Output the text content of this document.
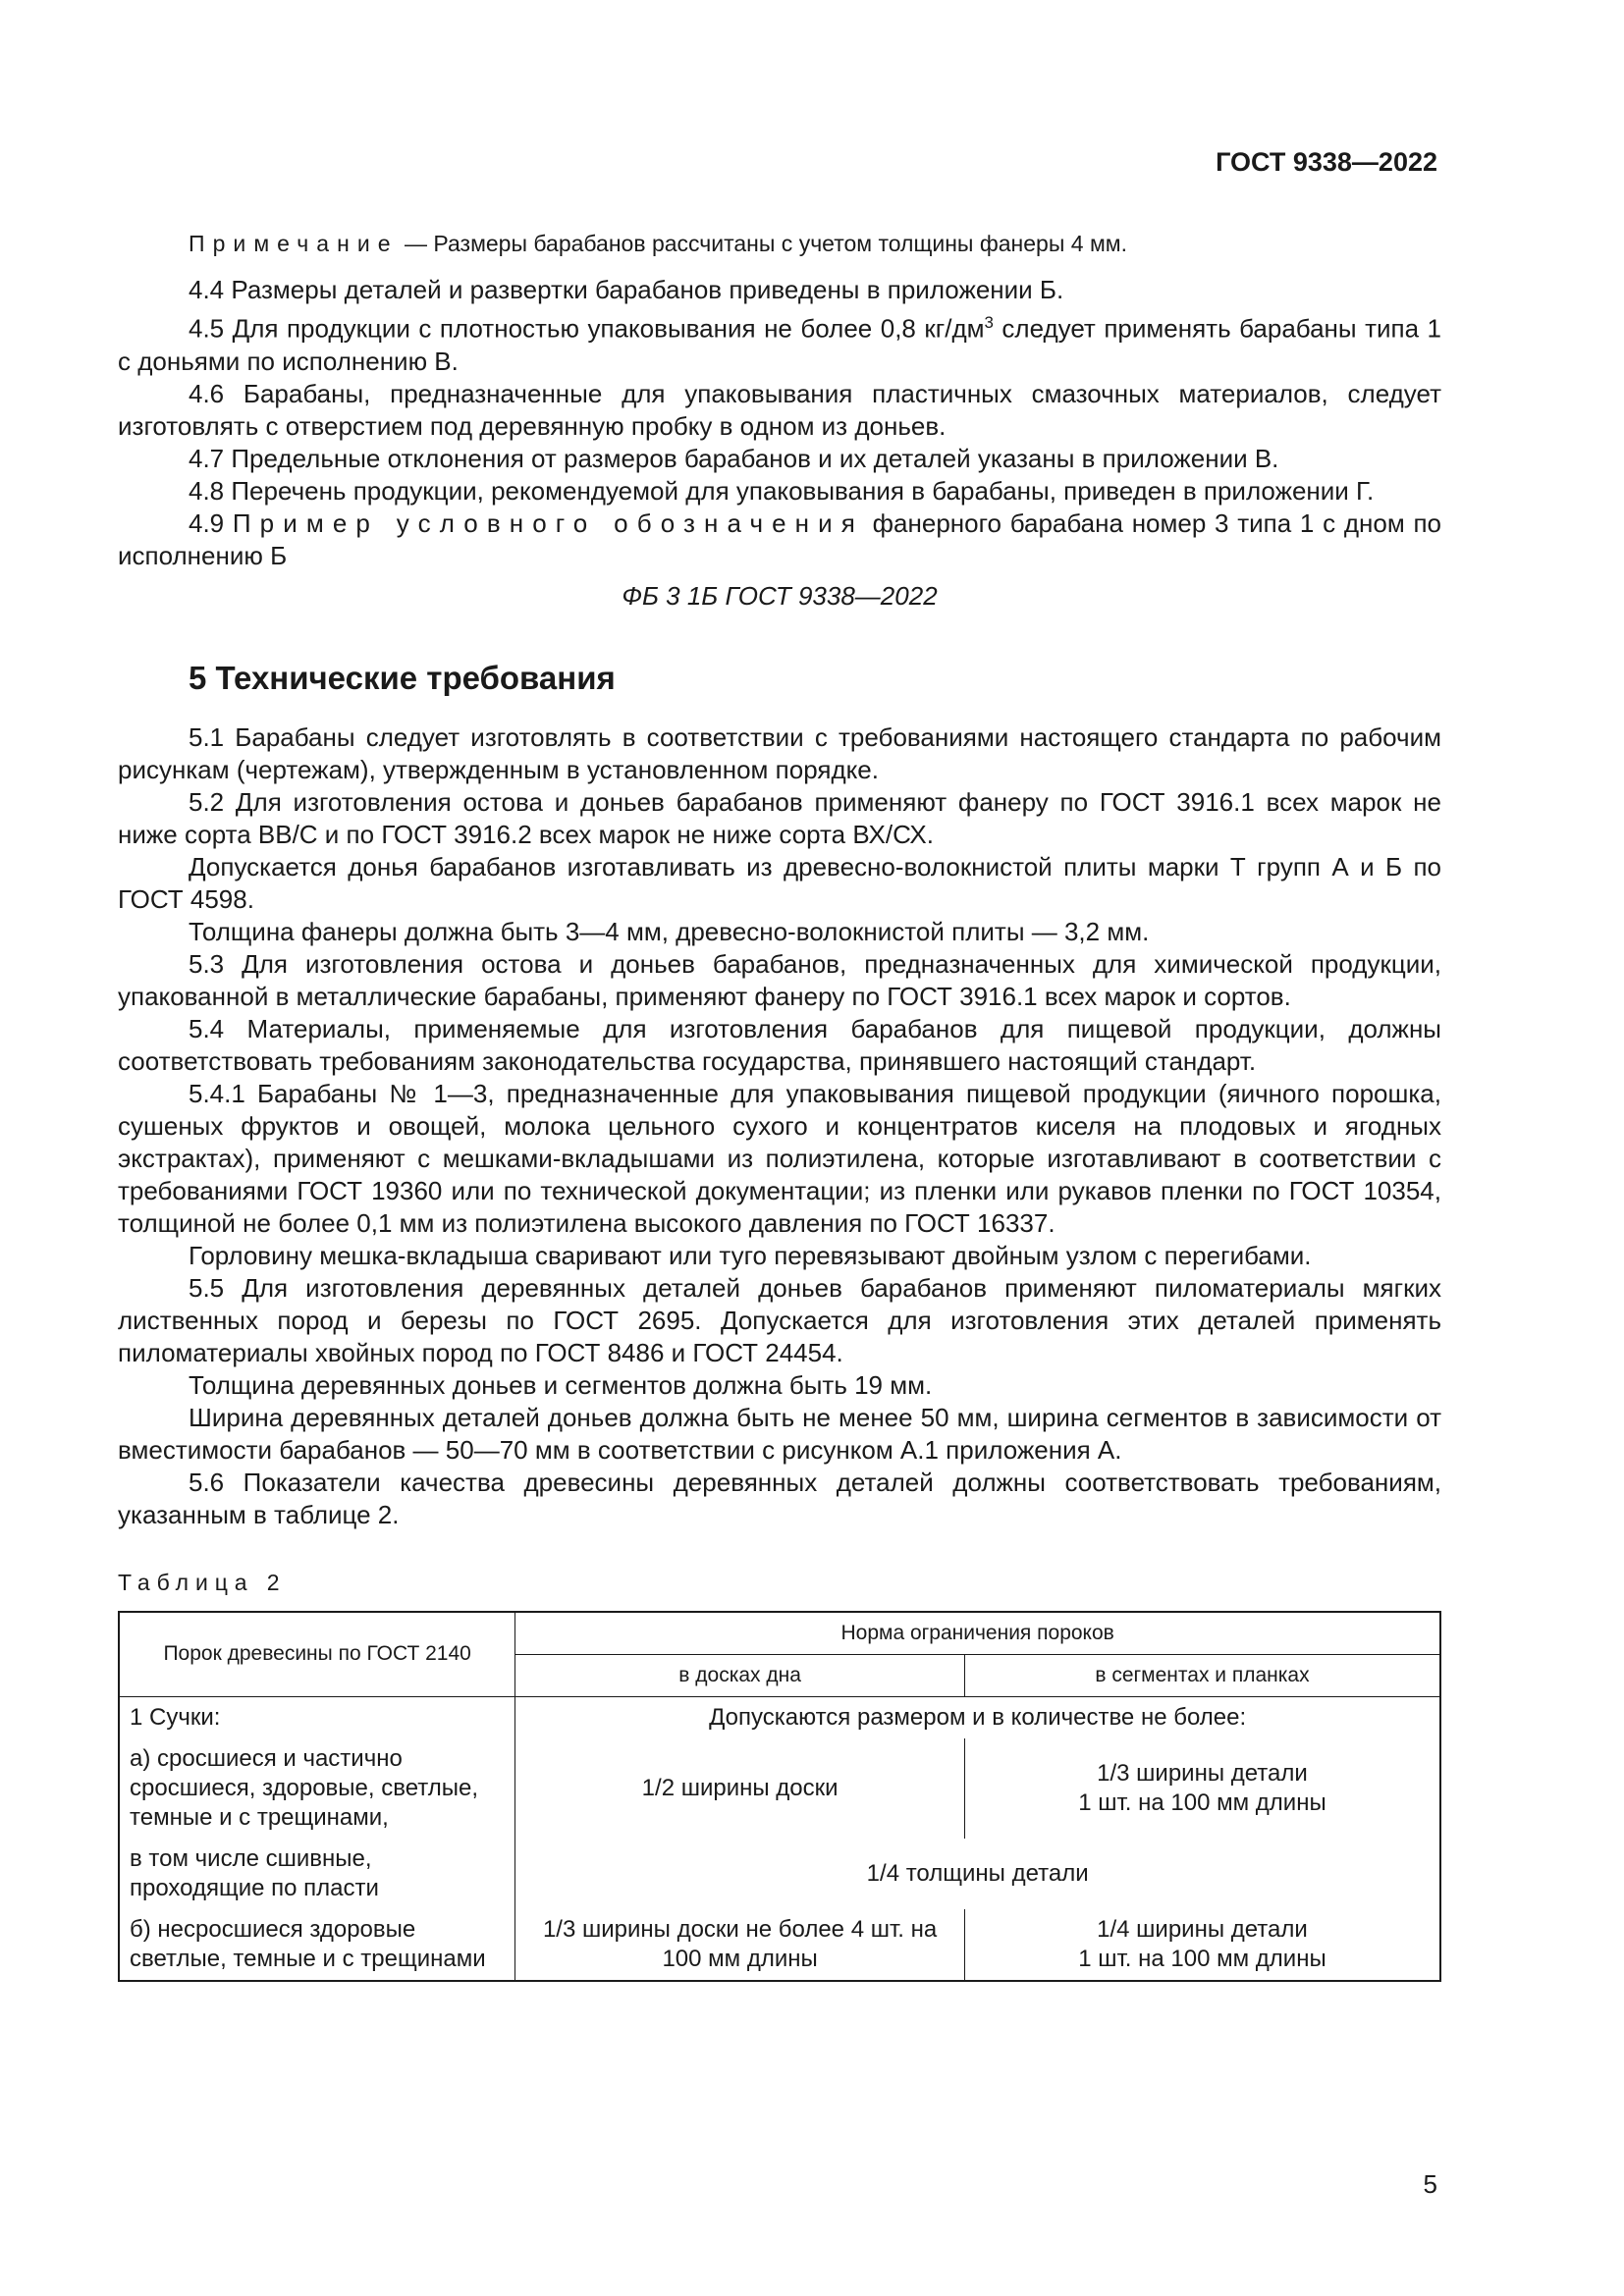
ГОСТ 9338—2022

Примечание — Размеры барабанов рассчитаны с учетом толщины фанеры 4 мм.

4.4 Размеры деталей и развертки барабанов приведены в приложении Б.

4.5 Для продукции с плотностью упаковывания не более 0,8 $кг/дм^3$ следует применять барабаны типа 1 с доньями по исполнению В.

4.6 Барабаны, предназначенные для упаковывания пластичных смазочных материалов, следует изготовлять с отверстием под деревянную пробку в одном из доньев.

4.7 Предельные отклонения от размеров барабанов и их деталей указаны в приложении В.

4.8 Перечень продукции, рекомендуемой для упаковывания в барабаны, приведен в приложении Г.

4.9 Пример условного обозначения фанерного барабана номер 3 типа 1 с дном по исполнению Б

ФБ 3 1Б ГОСТ 9338—2022

5 Технические требования

5.1 Барабаны следует изготовлять в соответствии с требованиями настоящего стандарта по рабочим рисункам (чертежам), утвержденным в установленном порядке.

5.2 Для изготовления остова и доньев барабанов применяют фанеру по ГОСТ 3916.1 всех марок не ниже сорта ВВ/С и по ГОСТ 3916.2 всех марок не ниже сорта ВХ/СХ.

Допускается донья барабанов изготавливать из древесно-волокнистой плиты марки Т групп А и Б по ГОСТ 4598.

Толщина фанеры должна быть 3—4 мм, древесно-волокнистой плиты — 3,2 мм.

5.3 Для изготовления остова и доньев барабанов, предназначенных для химической продукции, упакованной в металлические барабаны, применяют фанеру по ГОСТ 3916.1 всех марок и сортов.

5.4 Материалы, применяемые для изготовления барабанов для пищевой продукции, должны соответствовать требованиям законодательства государства, принявшего настоящий стандарт.

5.4.1 Барабаны № 1—3, предназначенные для упаковывания пищевой продукции (яичного порошка, сушеных фруктов и овощей, молока цельного сухого и концентратов киселя на плодовых и ягодных экстрактах), применяют с мешками-вкладышами из полиэтилена, которые изготавливают в соответствии с требованиями ГОСТ 19360 или по технической документации; из пленки или рукавов пленки по ГОСТ 10354, толщиной не более 0,1 мм из полиэтилена высокого давления по ГОСТ 16337.

Горловину мешка-вкладыша сваривают или туго перевязывают двойным узлом с перегибами.

5.5 Для изготовления деревянных деталей доньев барабанов применяют пиломатериалы мягких лиственных пород и березы по ГОСТ 2695. Допускается для изготовления этих деталей применять пиломатериалы хвойных пород по ГОСТ 8486 и ГОСТ 24454.

Толщина деревянных доньев и сегментов должна быть 19 мм.

Ширина деревянных деталей доньев должна быть не менее 50 мм, ширина сегментов в зависимости от вместимости барабанов — 50—70 мм в соответствии с рисунком А.1 приложения А.

5.6 Показатели качества древесины деревянных деталей должны соответствовать требованиям, указанным в таблице 2.

Таблица 2

Порок древесины по ГОСТ 2140	Норма ограничения пороков	
	в досках дна	в сегментах и планках
1 Сучки:	Допускаются размером и в количестве не более:	
а) сросшиеся и частично сросшиеся, здоровые, светлые, темные и с трещинами,	1/2 ширины доски	1/3 ширины детали
1 шт. на 100 мм длины

в том числе сшивные, проходящие по пласти	1/4 толщины детали	
б) несросшиеся здоровые светлые, темные и с трещинами	1/3 ширины доски не более 4 шт. на 100 мм длины	1/4 ширины детали
1 шт. на 100 мм длины
5
